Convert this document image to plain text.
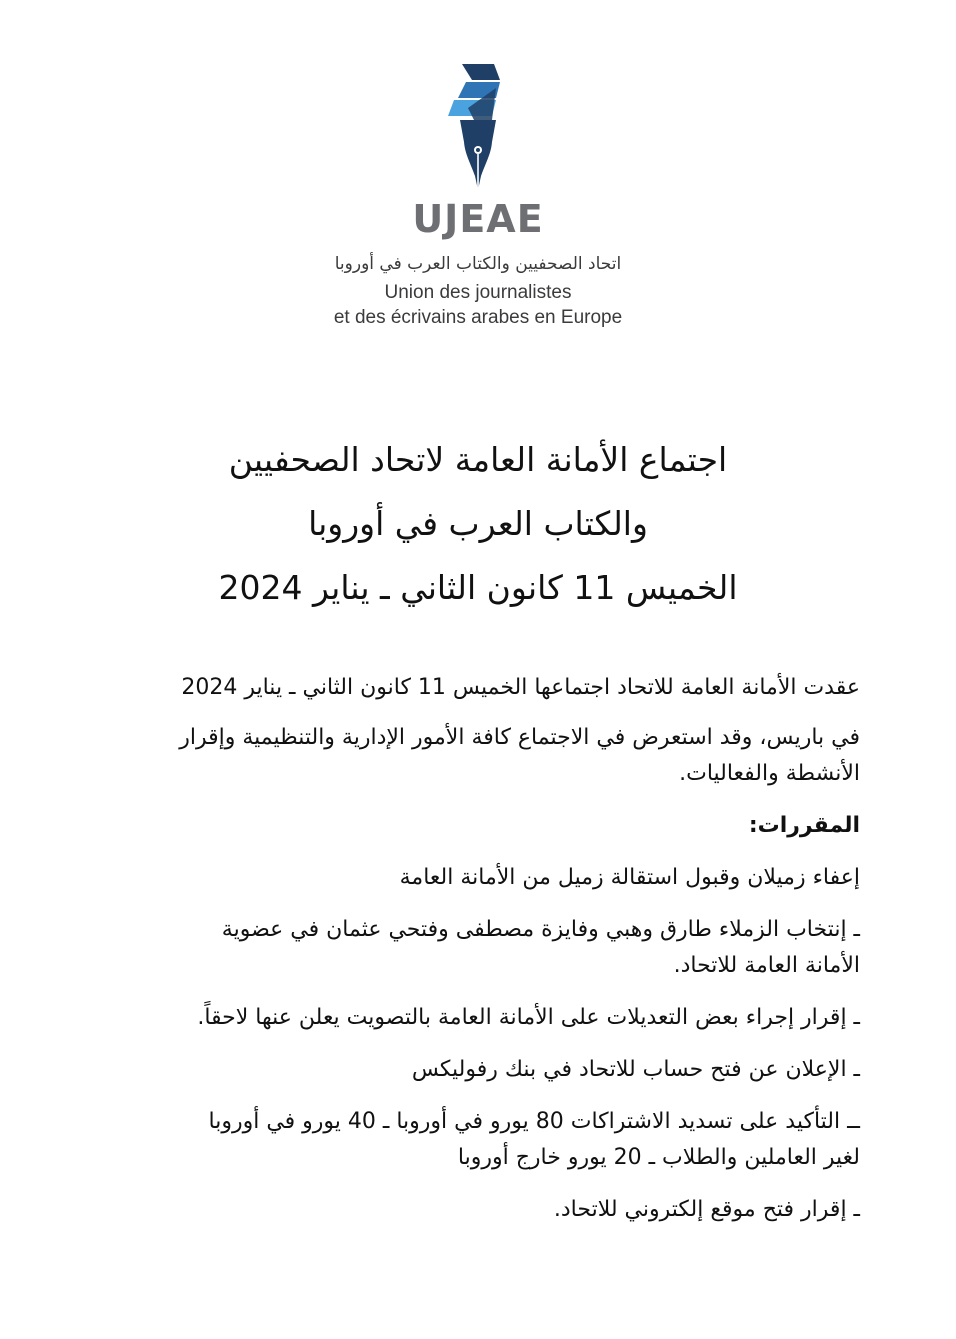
UJEAE
اتحاد الصحفيين والكتاب العرب في أوروبا
Union des journalistes
et des écrivains arabes en Europe
اجتماع الأمانة العامة لاتحاد الصحفيين
والكتاب العرب في أوروبا
الخميس 11 كانون الثاني ـ يناير 2024
عقدت الأمانة العامة للاتحاد اجتماعها الخميس 11 كانون الثاني ـ يناير 2024
في باريس، وقد استعرض في الاجتماع كافة الأمور الإدارية والتنظيمية وإقرار
الأنشطة والفعاليات.
المقررات:
إعفاء زميلان وقبول استقالة زميل من الأمانة العامة
ـ إنتخاب الزملاء طارق وهبي وفايزة مصطفى وفتحي عثمان في عضوية
الأمانة العامة للاتحاد.
ـ إقرار إجراء بعض التعديلات على الأمانة العامة بالتصويت يعلن عنها لاحقاً.
ـ الإعلان عن فتح حساب للاتحاد في بنك رفوليكس
ــ التأكيد على تسديد الاشتراكات 80 يورو في أوروبا ـ 40 يورو في أوروبا
لغير العاملين والطلاب ـ 20 يورو خارج أوروبا
ـ إقرار فتح موقع إلكتروني للاتحاد.
